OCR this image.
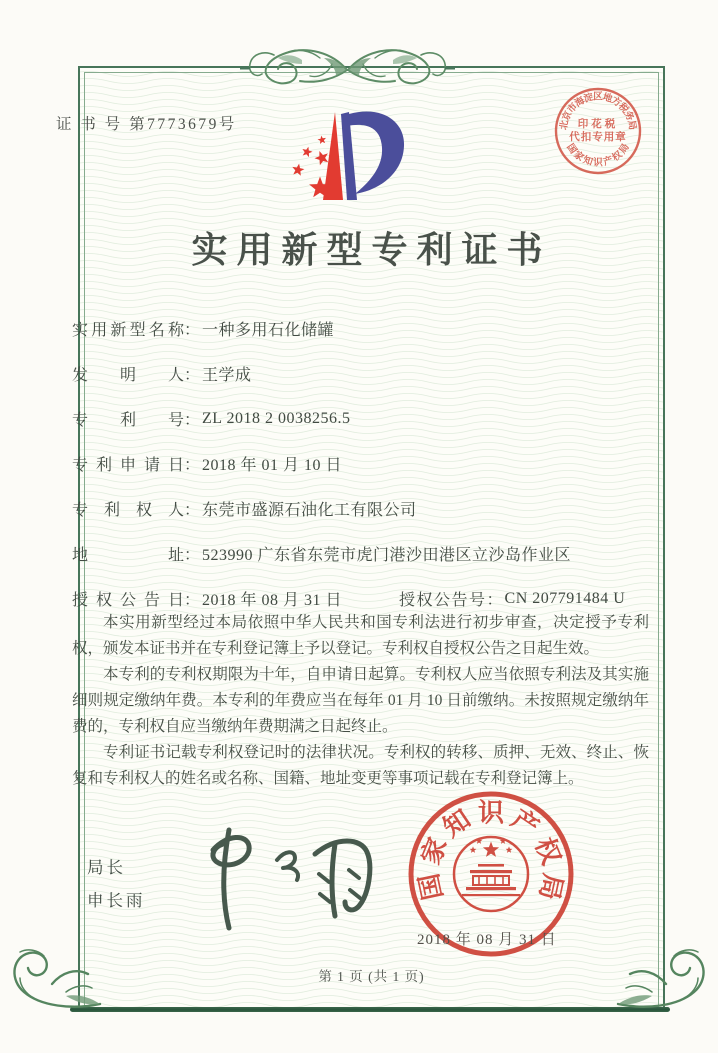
证 书 号 第7773679号
实用新型专利证书
实用新型名称 ： 一种多用石化储罐
发明人 ： 王学成
专利号 ： ZL 2018 2 0038256.5
专利申请日 ： 2018 年 01 月 10 日
专利权人 ： 东莞市盛源石油化工有限公司
地址 ： 523990 广东省东莞市虎门港沙田港区立沙岛作业区
授权公告日 ： 2018 年 08 月 31 日	授权公告号 ： CN 207791484 U

本实用新型经过本局依照中华人民共和国专利法进行初步审查，决定授予专利权，颁发本证书并在专利登记簿上予以登记。专利权自授权公告之日起生效。

本专利的专利权期限为十年，自申请日起算。专利权人应当依照专利法及其实施细则规定缴纳年费。本专利的年费应当在每年 01 月 10 日前缴纳。未按照规定缴纳年费的，专利权自应当缴纳年费期满之日起终止。

专利证书记载专利权登记时的法律状况。专利权的转移、质押、无效、终止、恢复和专利权人的姓名或名称、国籍、地址变更等事项记载在专利登记簿上。

局长
申长雨	国
家
知 识 产
权
局
2018 年 08 月 31 日
北
京
市
海
淀
区
地
方
税
务
局
国
家
知 识 产
权
局
印花税
代扣专用章
第 1 页 (共 1 页)
